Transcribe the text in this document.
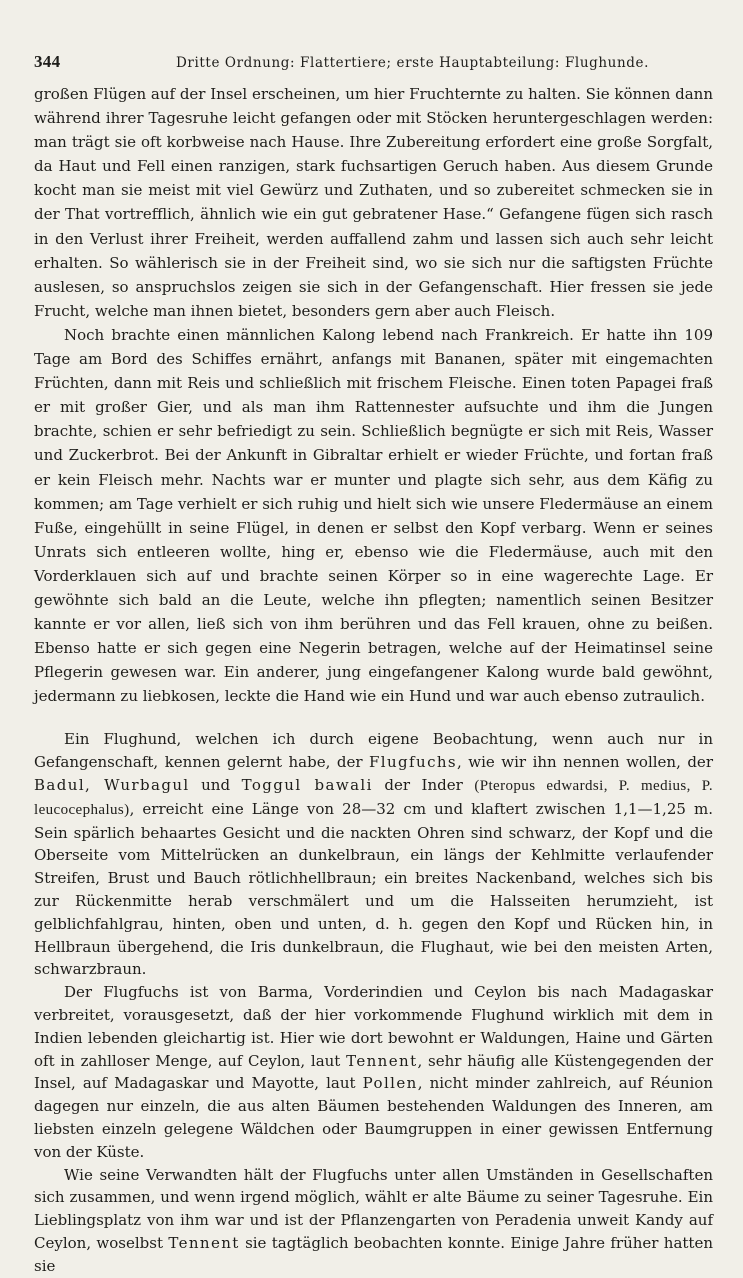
344	Dritte Ordnung: Flattertiere; erste Hauptabteilung: Flughunde.

großen Flügen auf der Insel erscheinen, um hier Fruchternte zu halten. Sie können dann während ihrer Tagesruhe leicht gefangen oder mit Stöcken heruntergeschlagen werden: man trägt sie oft korbweise nach Hause. Ihre Zubereitung erfordert eine große Sorgfalt, da Haut und Fell einen ranzigen, stark fuchsartigen Geruch haben. Aus diesem Grunde kocht man sie meist mit viel Gewürz und Zuthaten, und so zubereitet schmecken sie in der That vortrefflich, ähnlich wie ein gut gebratener Hase.“ Gefangene fügen sich rasch in den Verlust ihrer Freiheit, werden auffallend zahm und lassen sich auch sehr leicht erhalten. So wählerisch sie in der Freiheit sind, wo sie sich nur die saftigsten Früchte auslesen, so anspruchslos zeigen sie sich in der Gefangenschaft. Hier fressen sie jede Frucht, welche man ihnen bietet, besonders gern aber auch Fleisch.

Noch brachte einen männlichen Kalong lebend nach Frankreich. Er hatte ihn 109 Tage am Bord des Schiffes ernährt, anfangs mit Bananen, später mit eingemachten Früchten, dann mit Reis und schließlich mit frischem Fleische. Einen toten Papagei fraß er mit großer Gier, und als man ihm Rattennester aufsuchte und ihm die Jungen brachte, schien er sehr befriedigt zu sein. Schließlich begnügte er sich mit Reis, Wasser und Zuckerbrot. Bei der Ankunft in Gibraltar erhielt er wieder Früchte, und fortan fraß er kein Fleisch mehr. Nachts war er munter und plagte sich sehr, aus dem Käfig zu kommen; am Tage verhielt er sich ruhig und hielt sich wie unsere Fledermäuse an einem Fuße, eingehüllt in seine Flügel, in denen er selbst den Kopf verbarg. Wenn er seines Unrats sich entleeren wollte, hing er, ebenso wie die Fledermäuse, auch mit den Vorderklauen sich auf und brachte seinen Körper so in eine wagerechte Lage. Er gewöhnte sich bald an die Leute, welche ihn pflegten; namentlich seinen Besitzer kannte er vor allen, ließ sich von ihm berühren und das Fell krauen, ohne zu beißen. Ebenso hatte er sich gegen eine Negerin betragen, welche auf der Heimatinsel seine Pflegerin gewesen war. Ein anderer, jung eingefangener Kalong wurde bald gewöhnt, jedermann zu liebkosen, leckte die Hand wie ein Hund und war auch ebenso zutraulich.

Ein Flughund, welchen ich durch eigene Beobachtung, wenn auch nur in Gefangenschaft, kennen gelernt habe, der Flugfuchs, wie wir ihn nennen wollen, der Badul, Wurbagul und Toggul bawali der Inder (Pteropus edwardsi, P. medius, P. leucocephalus), erreicht eine Länge von 28—32 cm und klaftert zwischen 1,1—1,25 m. Sein spärlich behaartes Gesicht und die nackten Ohren sind schwarz, der Kopf und die Oberseite vom Mittelrücken an dunkelbraun, ein längs der Kehlmitte verlaufender Streifen, Brust und Bauch rötlichhellbraun; ein breites Nackenband, welches sich bis zur Rückenmitte herab verschmälert und um die Halsseiten herumzieht, ist gelblichfahlgrau, hinten, oben und unten, d. h. gegen den Kopf und Rücken hin, in Hellbraun übergehend, die Iris dunkelbraun, die Flughaut, wie bei den meisten Arten, schwarzbraun.

Der Flugfuchs ist von Barma, Vorderindien und Ceylon bis nach Madagaskar verbreitet, vorausgesetzt, daß der hier vorkommende Flughund wirklich mit dem in Indien lebenden gleichartig ist. Hier wie dort bewohnt er Waldungen, Haine und Gärten oft in zahlloser Menge, auf Ceylon, laut Tennent, sehr häufig alle Küstengegenden der Insel, auf Madagaskar und Mayotte, laut Pollen, nicht minder zahlreich, auf Réunion dagegen nur einzeln, die aus alten Bäumen bestehenden Waldungen des Inneren, am liebsten einzeln gelegene Wäldchen oder Baumgruppen in einer gewissen Entfernung von der Küste.

Wie seine Verwandten hält der Flugfuchs unter allen Umständen in Gesellschaften sich zusammen, und wenn irgend möglich, wählt er alte Bäume zu seiner Tagesruhe. Ein Lieblingsplatz von ihm war und ist der Pflanzengarten von Peradenia unweit Kandy auf Ceylon, woselbst Tennent sie tagtäglich beobachten konnte. Einige Jahre früher hatten sie
